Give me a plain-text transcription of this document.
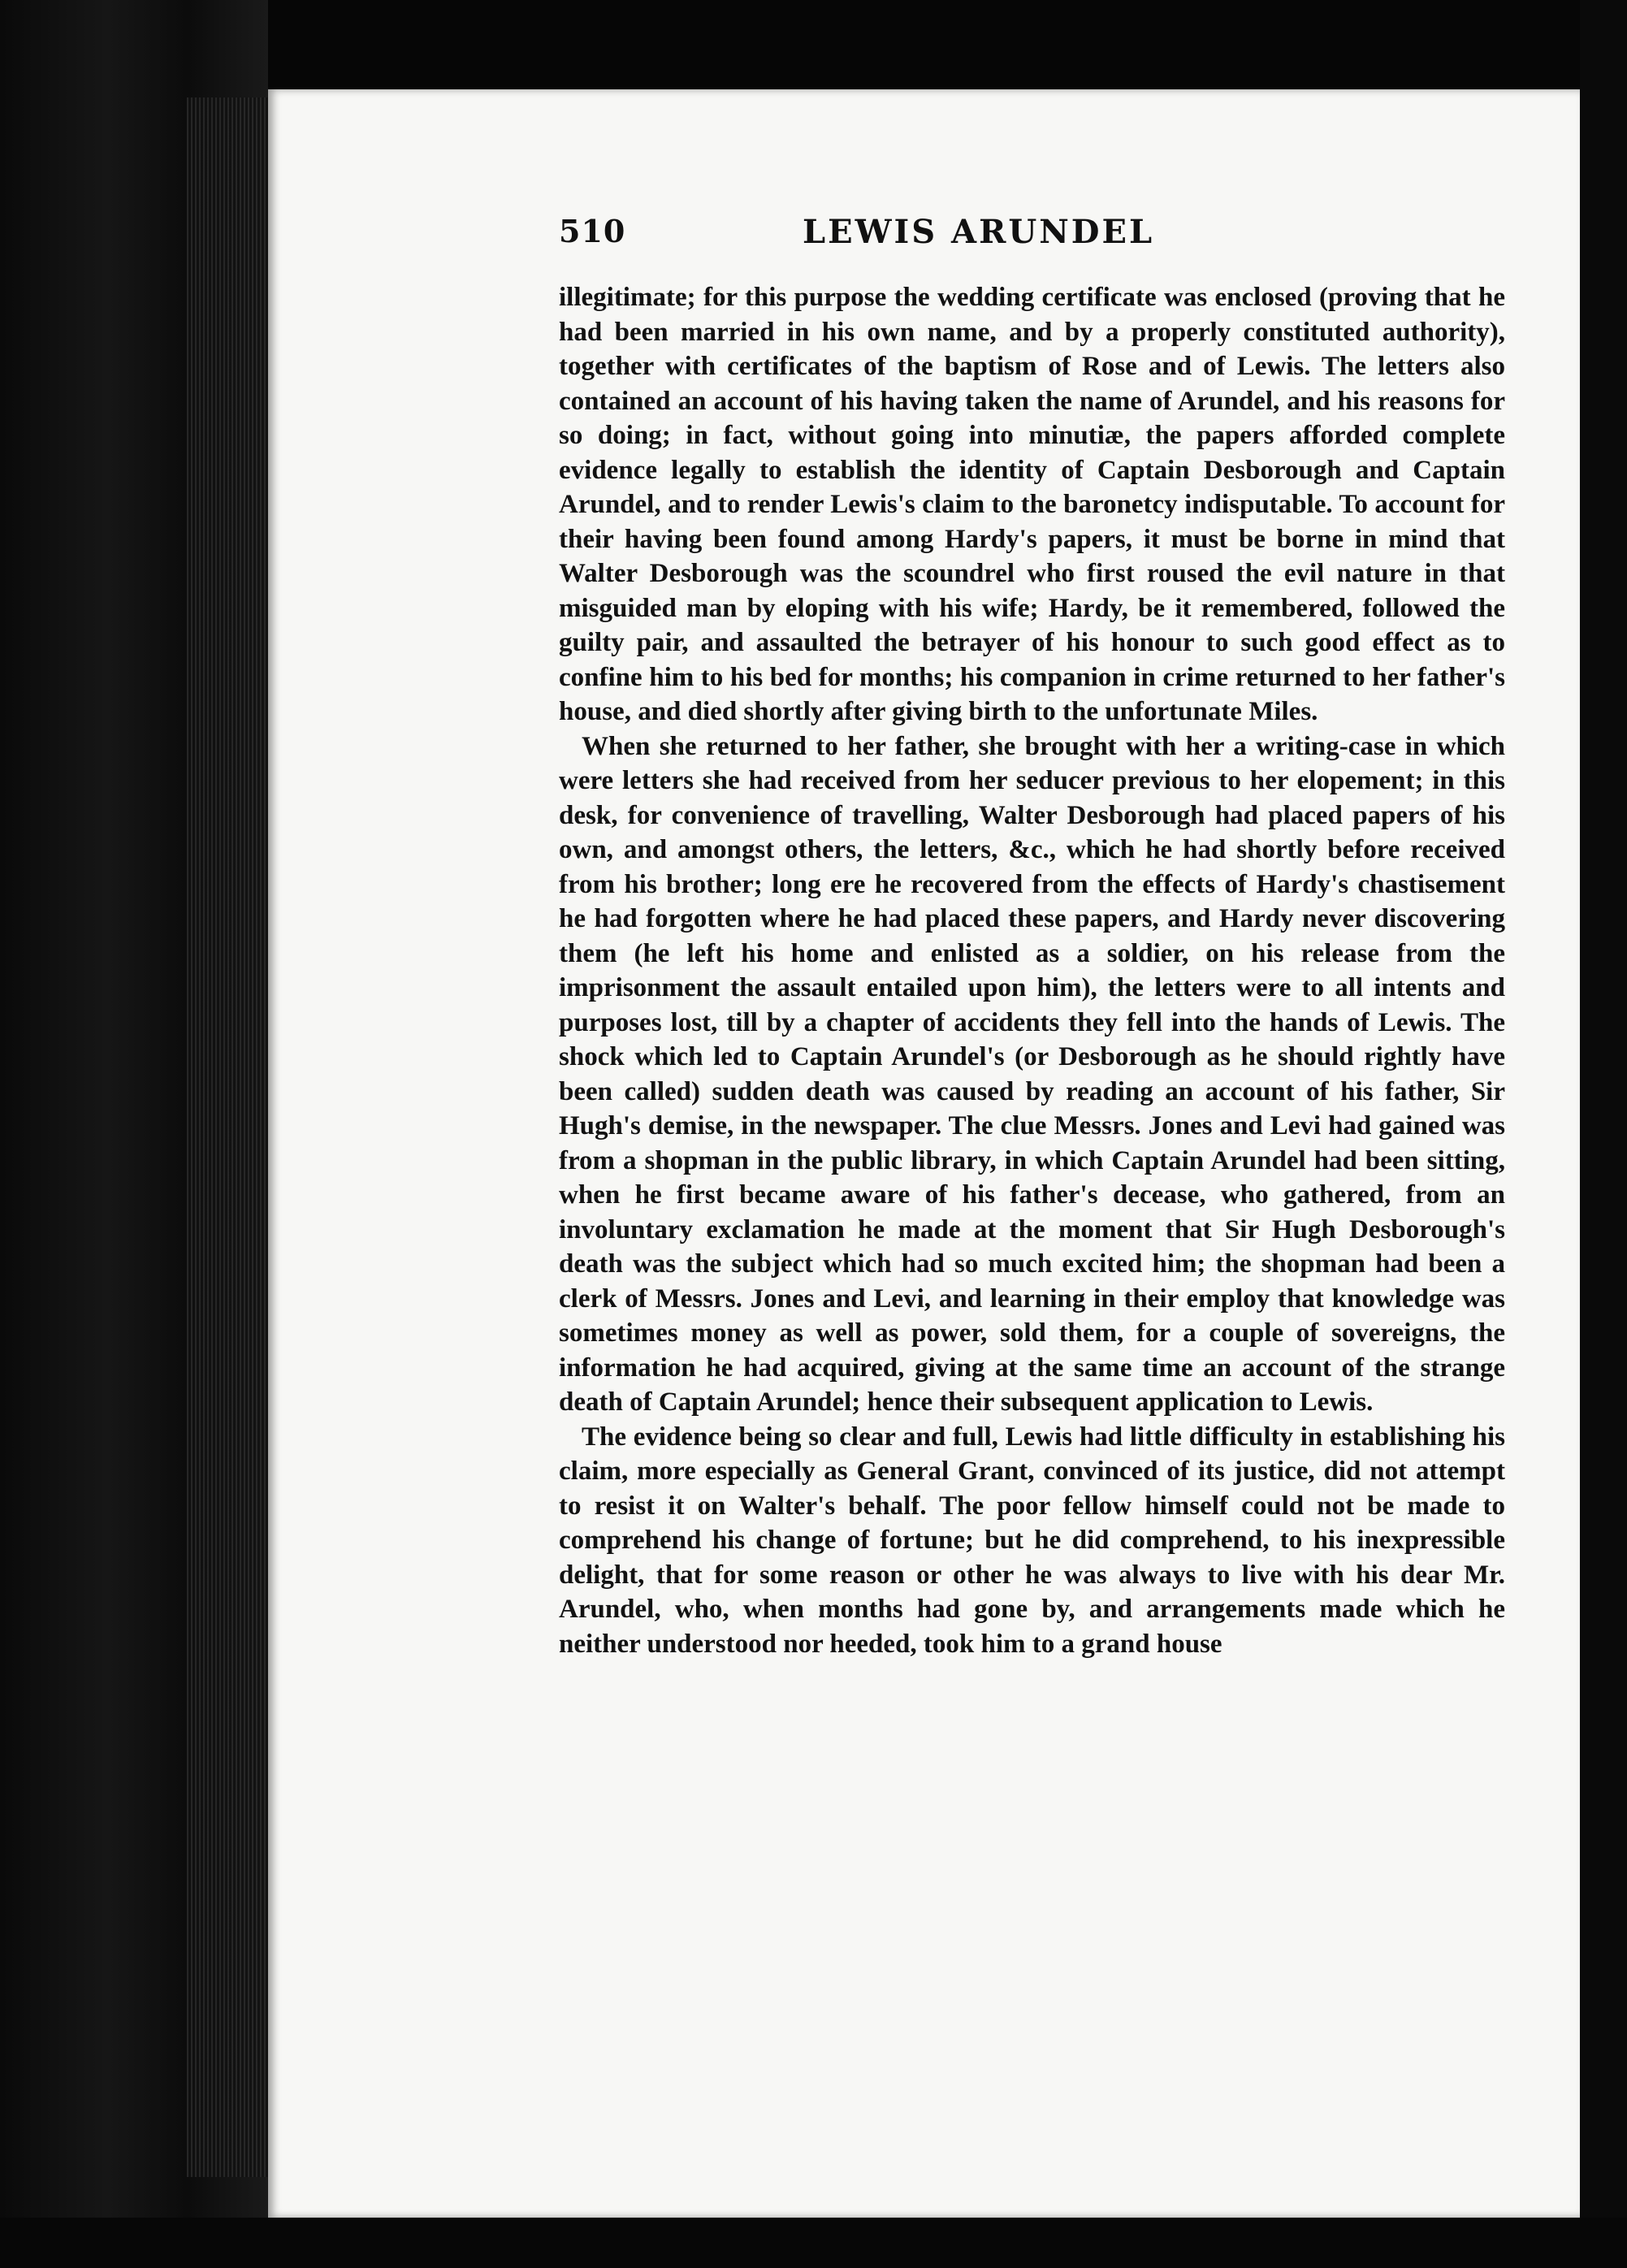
510	LEWIS ARUNDEL

illegitimate; for this purpose the wedding certificate was enclosed (proving that he had been married in his own name, and by a properly constituted authority), together with certificates of the baptism of Rose and of Lewis. The letters also contained an account of his having taken the name of Arundel, and his reasons for so doing; in fact, without going into minutiæ, the papers afforded complete evidence legally to establish the identity of Captain Desborough and Captain Arundel, and to render Lewis's claim to the baronetcy indisputable. To account for their having been found among Hardy's papers, it must be borne in mind that Walter Desborough was the scoundrel who first roused the evil nature in that misguided man by eloping with his wife; Hardy, be it remembered, followed the guilty pair, and assaulted the betrayer of his honour to such good effect as to confine him to his bed for months; his companion in crime returned to her father's house, and died shortly after giving birth to the unfortunate Miles.

When she returned to her father, she brought with her a writing-case in which were letters she had received from her seducer previous to her elopement; in this desk, for convenience of travelling, Walter Desborough had placed papers of his own, and amongst others, the letters, &c., which he had shortly before received from his brother; long ere he recovered from the effects of Hardy's chastisement he had forgotten where he had placed these papers, and Hardy never discovering them (he left his home and enlisted as a soldier, on his release from the imprisonment the assault entailed upon him), the letters were to all intents and purposes lost, till by a chapter of accidents they fell into the hands of Lewis. The shock which led to Captain Arundel's (or Desborough as he should rightly have been called) sudden death was caused by reading an account of his father, Sir Hugh's demise, in the newspaper. The clue Messrs. Jones and Levi had gained was from a shopman in the public library, in which Captain Arundel had been sitting, when he first became aware of his father's decease, who gathered, from an involuntary exclamation he made at the moment that Sir Hugh Desborough's death was the subject which had so much excited him; the shopman had been a clerk of Messrs. Jones and Levi, and learning in their employ that knowledge was sometimes money as well as power, sold them, for a couple of sovereigns, the information he had acquired, giving at the same time an account of the strange death of Captain Arundel; hence their subsequent application to Lewis.

The evidence being so clear and full, Lewis had little difficulty in establishing his claim, more especially as General Grant, convinced of its justice, did not attempt to resist it on Walter's behalf. The poor fellow himself could not be made to comprehend his change of fortune; but he did comprehend, to his inexpressible delight, that for some reason or other he was always to live with his dear Mr. Arundel, who, when months had gone by, and arrangements made which he neither understood nor heeded, took him to a grand house
